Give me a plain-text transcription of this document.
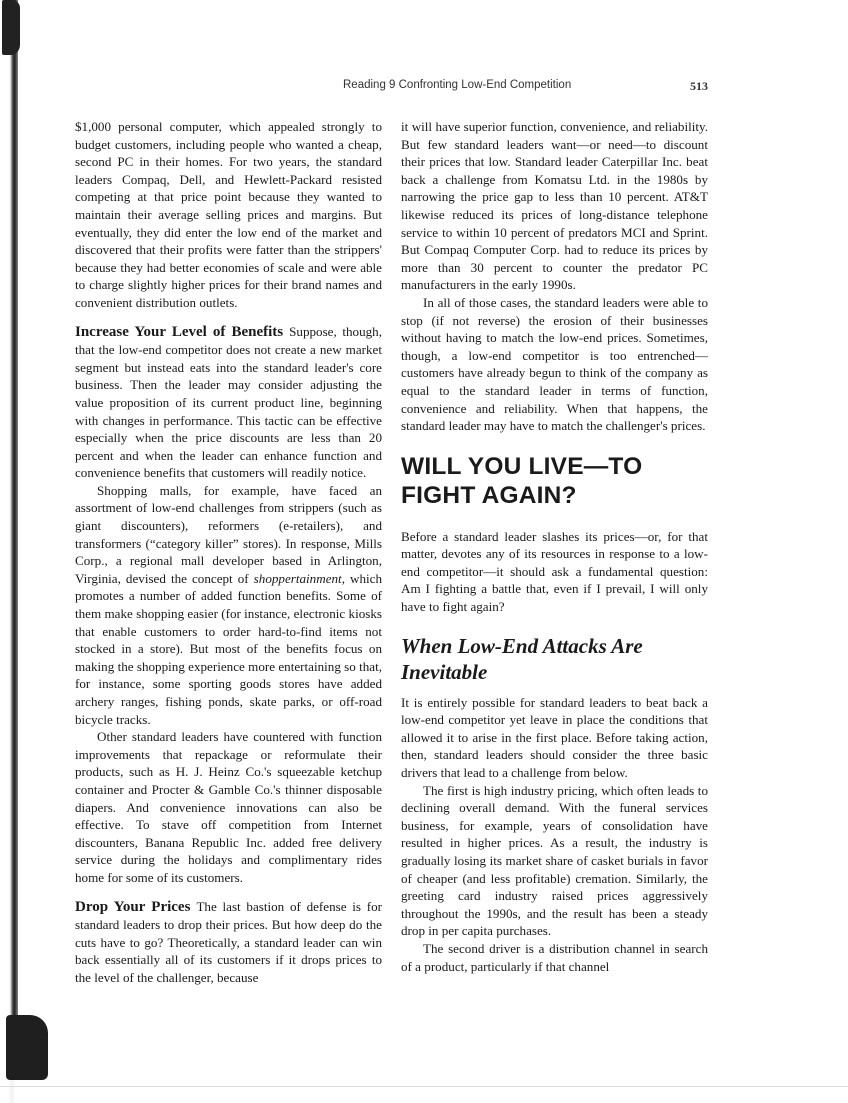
Reading 9 Confronting Low-End Competition	513

$1,000 personal computer, which appealed strongly to budget customers, including people who wanted a cheap, second PC in their homes. For two years, the standard leaders Compaq, Dell, and Hewlett-Packard resisted competing at that price point because they wanted to maintain their average selling prices and margins. But eventually, they did enter the low end of the market and discovered that their profits were fatter than the strippers' because they had better economies of scale and were able to charge slightly higher prices for their brand names and convenient distribution outlets.

Increase Your Level of Benefits Suppose, though, that the low-end competitor does not create a new market segment but instead eats into the standard leader's core business. Then the leader may consider adjusting the value proposition of its current product line, beginning with changes in performance. This tactic can be effective especially when the price discounts are less than 20 percent and when the leader can enhance function and convenience benefits that customers will readily notice.

Shopping malls, for example, have faced an assortment of low-end challenges from strippers (such as giant discounters), reformers (e-retailers), and transformers (“category killer” stores). In response, Mills Corp., a regional mall developer based in Arlington, Virginia, devised the concept of shoppertainment, which promotes a number of added function benefits. Some of them make shopping easier (for instance, electronic kiosks that enable customers to order hard-to-find items not stocked in a store). But most of the benefits focus on making the shopping experience more entertaining so that, for instance, some sporting goods stores have added archery ranges, fishing ponds, skate parks, or off-road bicycle tracks.

Other standard leaders have countered with function improvements that repackage or reformulate their products, such as H. J. Heinz Co.'s squeezable ketchup container and Procter & Gamble Co.'s thinner disposable diapers. And convenience innovations can also be effective. To stave off competition from Internet discounters, Banana Republic Inc. added free delivery service during the holidays and complimentary rides home for some of its customers.

Drop Your Prices The last bastion of defense is for standard leaders to drop their prices. But how deep do the cuts have to go? Theoretically, a standard leader can win back essentially all of its customers if it drops prices to the level of the challenger, because

it will have superior function, convenience, and reliability. But few standard leaders want—or need—to discount their prices that low. Standard leader Caterpillar Inc. beat back a challenge from Komatsu Ltd. in the 1980s by narrowing the price gap to less than 10 percent. AT&T likewise reduced its prices of long-distance telephone service to within 10 percent of predators MCI and Sprint. But Compaq Computer Corp. had to reduce its prices by more than 30 percent to counter the predator PC manufacturers in the early 1990s.

In all of those cases, the standard leaders were able to stop (if not reverse) the erosion of their businesses without having to match the low-end prices. Sometimes, though, a low-end competitor is too entrenched—customers have already begun to think of the company as equal to the standard leader in terms of function, convenience and reliability. When that happens, the standard leader may have to match the challenger's prices.

WILL YOU LIVE—TO FIGHT AGAIN?

Before a standard leader slashes its prices—or, for that matter, devotes any of its resources in response to a low-end competitor—it should ask a fundamental question: Am I fighting a battle that, even if I prevail, I will only have to fight again?

When Low-End Attacks Are Inevitable

It is entirely possible for standard leaders to beat back a low-end competitor yet leave in place the conditions that allowed it to arise in the first place. Before taking action, then, standard leaders should consider the three basic drivers that lead to a challenge from below.

The first is high industry pricing, which often leads to declining overall demand. With the funeral services business, for example, years of consolidation have resulted in higher prices. As a result, the industry is gradually losing its market share of casket burials in favor of cheaper (and less profitable) cremation. Similarly, the greeting card industry raised prices aggressively throughout the 1990s, and the result has been a steady drop in per capita purchases.

The second driver is a distribution channel in search of a product, particularly if that channel
